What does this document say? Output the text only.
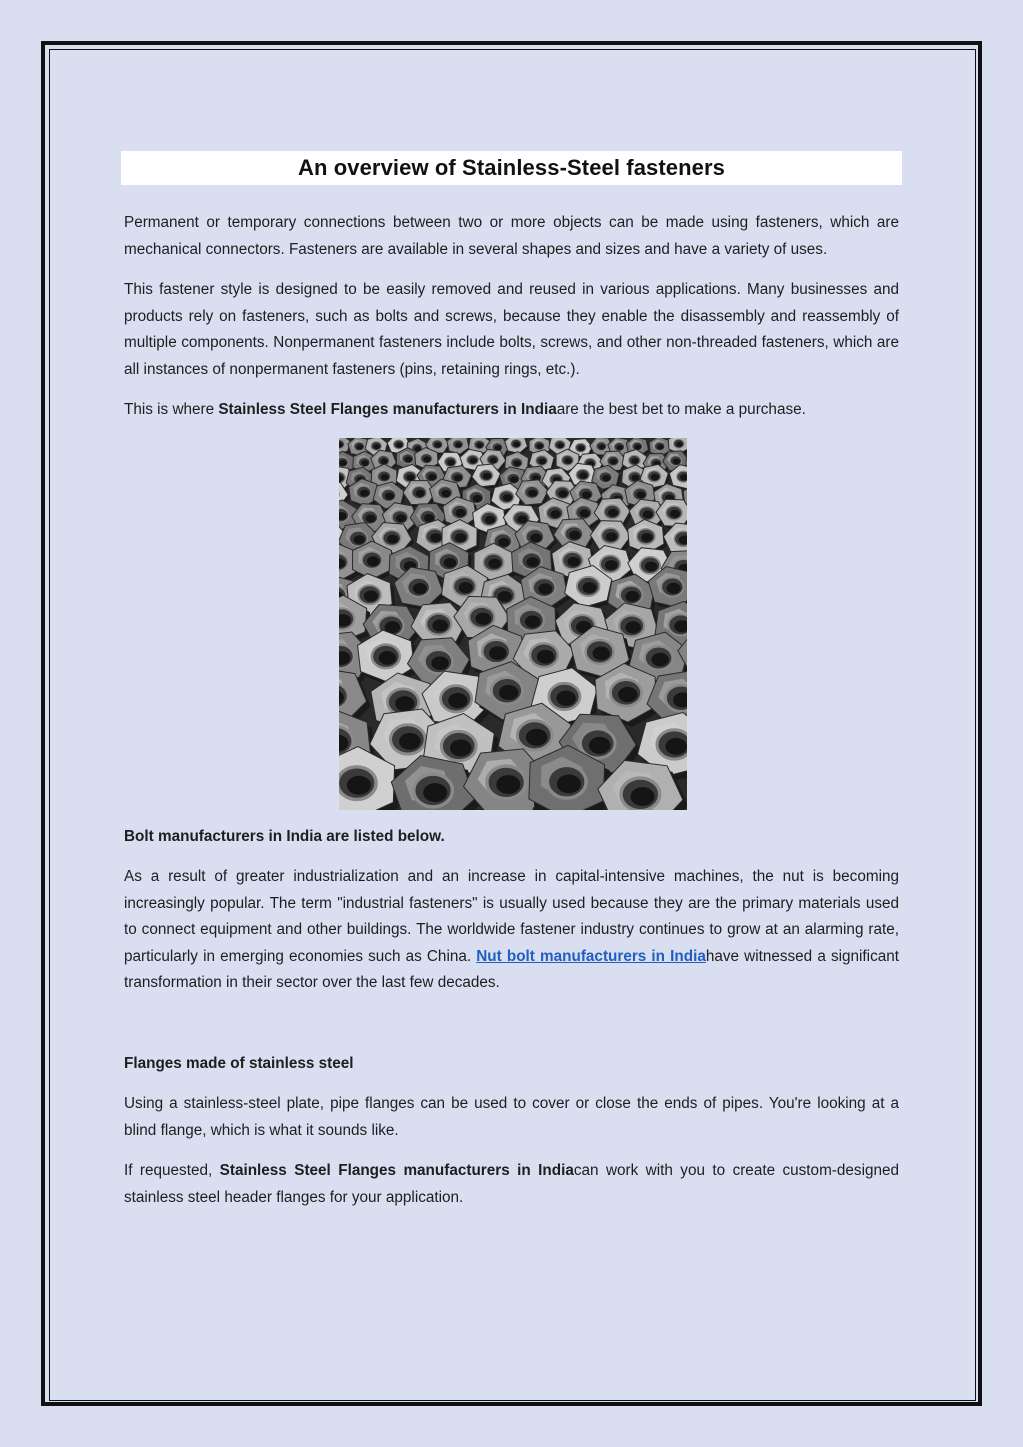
An overview of Stainless-Steel fasteners

Permanent or temporary connections between two or more objects can be made using fasteners, which are mechanical connectors. Fasteners are available in several shapes and sizes and have a variety of uses.

This fastener style is designed to be easily removed and reused in various applications. Many businesses and products rely on fasteners, such as bolts and screws, because they enable the disassembly and reassembly of multiple components. Nonpermanent fasteners include bolts, screws, and other non-threaded fasteners, which are all instances of nonpermanent fasteners (pins, retaining rings, etc.).

This is where Stainless Steel Flanges manufacturers in Indiaare the best bet to make a purchase.

Bolt manufacturers in India are listed below.

As a result of greater industrialization and an increase in capital-intensive machines, the nut is becoming increasingly popular. The term "industrial fasteners" is usually used because they are the primary materials used to connect equipment and other buildings. The worldwide fastener industry continues to grow at an alarming rate, particularly in emerging economies such as China. Nut bolt manufacturers in Indiahave witnessed a significant transformation in their sector over the last few decades.

Flanges made of stainless steel

Using a stainless-steel plate, pipe flanges can be used to cover or close the ends of pipes. You're looking at a blind flange, which is what it sounds like.

If requested, Stainless Steel Flanges manufacturers in Indiacan work with you to create custom-designed stainless steel header flanges for your application.
